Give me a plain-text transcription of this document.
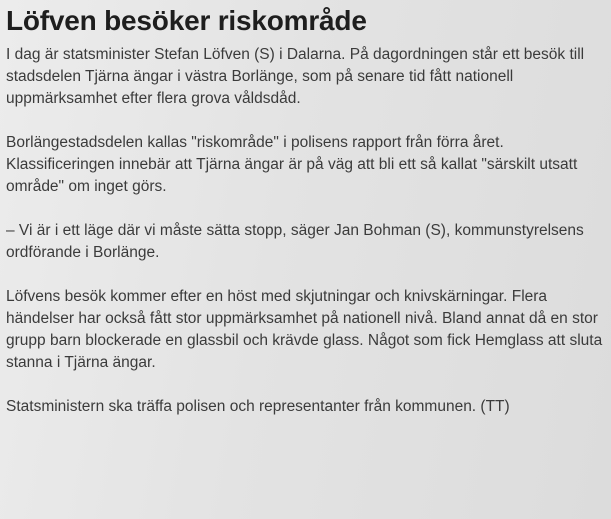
Löfven besöker riskområde

I dag är statsminister Stefan Löfven (S) i Dalarna. På dagordningen står ett besök till stadsdelen Tjärna ängar i västra Borlänge, som på senare tid fått nationell uppmärksamhet efter flera grova våldsdåd.

Borlängestadsdelen kallas "riskområde" i polisens rapport från förra året. Klassificeringen innebär att Tjärna ängar är på väg att bli ett så kallat "särskilt utsatt område" om inget görs.

– Vi är i ett läge där vi måste sätta stopp, säger Jan Bohman (S), kommunstyrelsens ordförande i Borlänge.

Löfvens besök kommer efter en höst med skjutningar och knivskärningar. Flera händelser har också fått stor uppmärksamhet på nationell nivå. Bland annat då en stor grupp barn blockerade en glassbil och krävde glass. Något som fick Hemglass att sluta stanna i Tjärna ängar.

Statsministern ska träffa polisen och representanter från kommunen. (TT)
